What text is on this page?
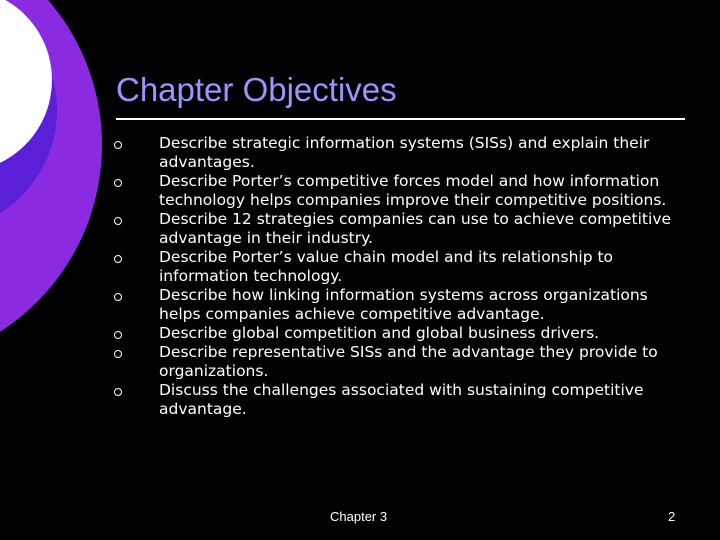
Chapter Objectives
Describe strategic information systems (SISs) and explain their advantages.
Describe Porter’s competitive forces model and how information technology helps companies improve their competitive positions.
Describe 12 strategies companies can use to achieve competitive advantage in their industry.
Describe Porter’s value chain model and its relationship to information technology.
Describe how linking information systems across organizations helps companies achieve competitive advantage.
Describe global competition and global business drivers.
Describe representative SISs and the advantage they provide to organizations.
Discuss the challenges associated with sustaining competitive advantage.
Chapter 3	2
